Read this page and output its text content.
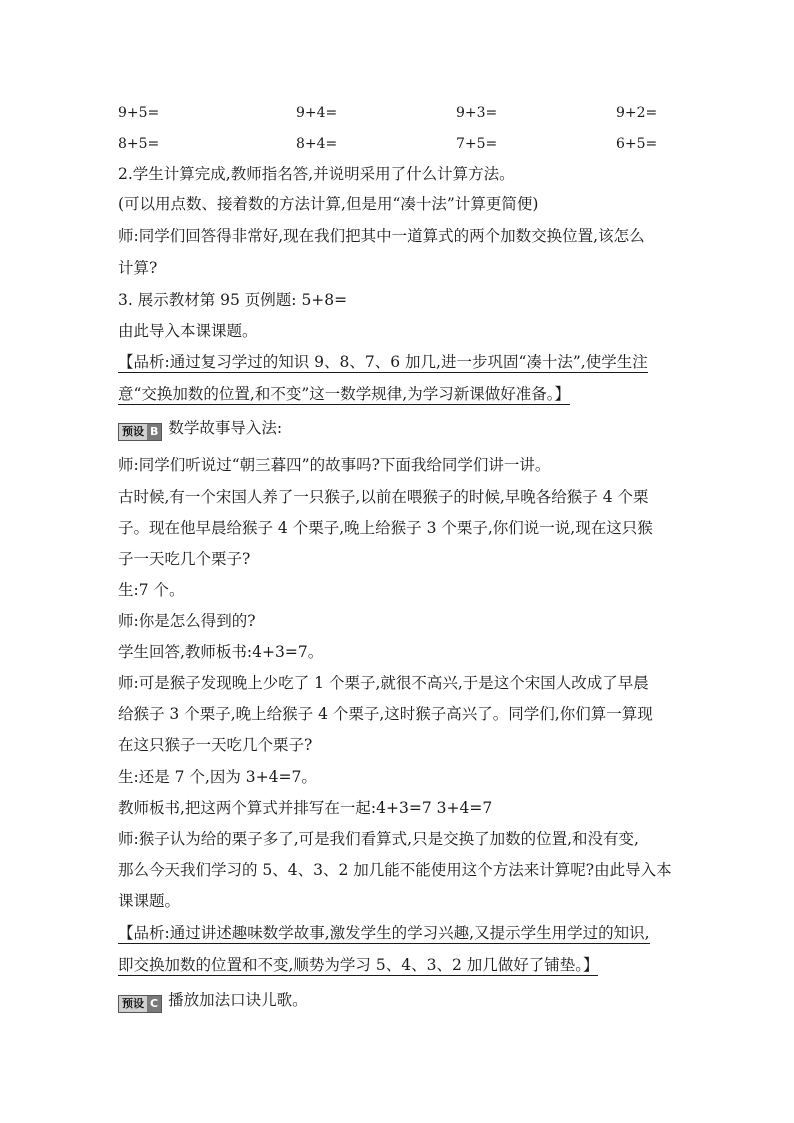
9+5=	9+4=	9+3=	9+2=
8+5=	8+4=	7+5=	6+5=

2.学生计算完成,教师指名答,并说明采用了什么计算方法。

(可以用点数、接着数的方法计算,但是用“凑十法”计算更简便)

师:同学们回答得非常好,现在我们把其中一道算式的两个加数交换位置,该怎么

计算?

3. 展示教材第 95 页例题: 5+8=

由此导入本课课题。

【品析:通过复习学过的知识 9、8、7、6 加几,进一步巩固“凑十法”,使学生注

意“交换加数的位置,和不变”这一数学规律,为学习新课做好准备。】

预设 B 数学故事导入法:

师:同学们听说过“朝三暮四”的故事吗?下面我给同学们讲一讲。

古时候,有一个宋国人养了一只猴子,以前在喂猴子的时候,早晚各给猴子 4 个栗

子。现在他早晨给猴子 4 个栗子,晚上给猴子 3 个栗子,你们说一说,现在这只猴

子一天吃几个栗子?

生:7 个。

师:你是怎么得到的?

学生回答,教师板书:4+3=7。

师:可是猴子发现晚上少吃了 1 个栗子,就很不高兴,于是这个宋国人改成了早晨

给猴子 3 个栗子,晚上给猴子 4 个栗子,这时猴子高兴了。同学们,你们算一算现

在这只猴子一天吃几个栗子?

生:还是 7 个,因为 3+4=7。

教师板书,把这两个算式并排写在一起:4+3=7 3+4=7

师:猴子认为给的栗子多了,可是我们看算式,只是交换了加数的位置,和没有变,

那么今天我们学习的 5、4、3、2 加几能不能使用这个方法来计算呢?由此导入本

课课题。

【品析:通过讲述趣味数学故事,激发学生的学习兴趣,又提示学生用学过的知识,

即交换加数的位置和不变,顺势为学习 5、4、3、2 加几做好了铺垫。】

预设 C 播放加法口诀儿歌。
